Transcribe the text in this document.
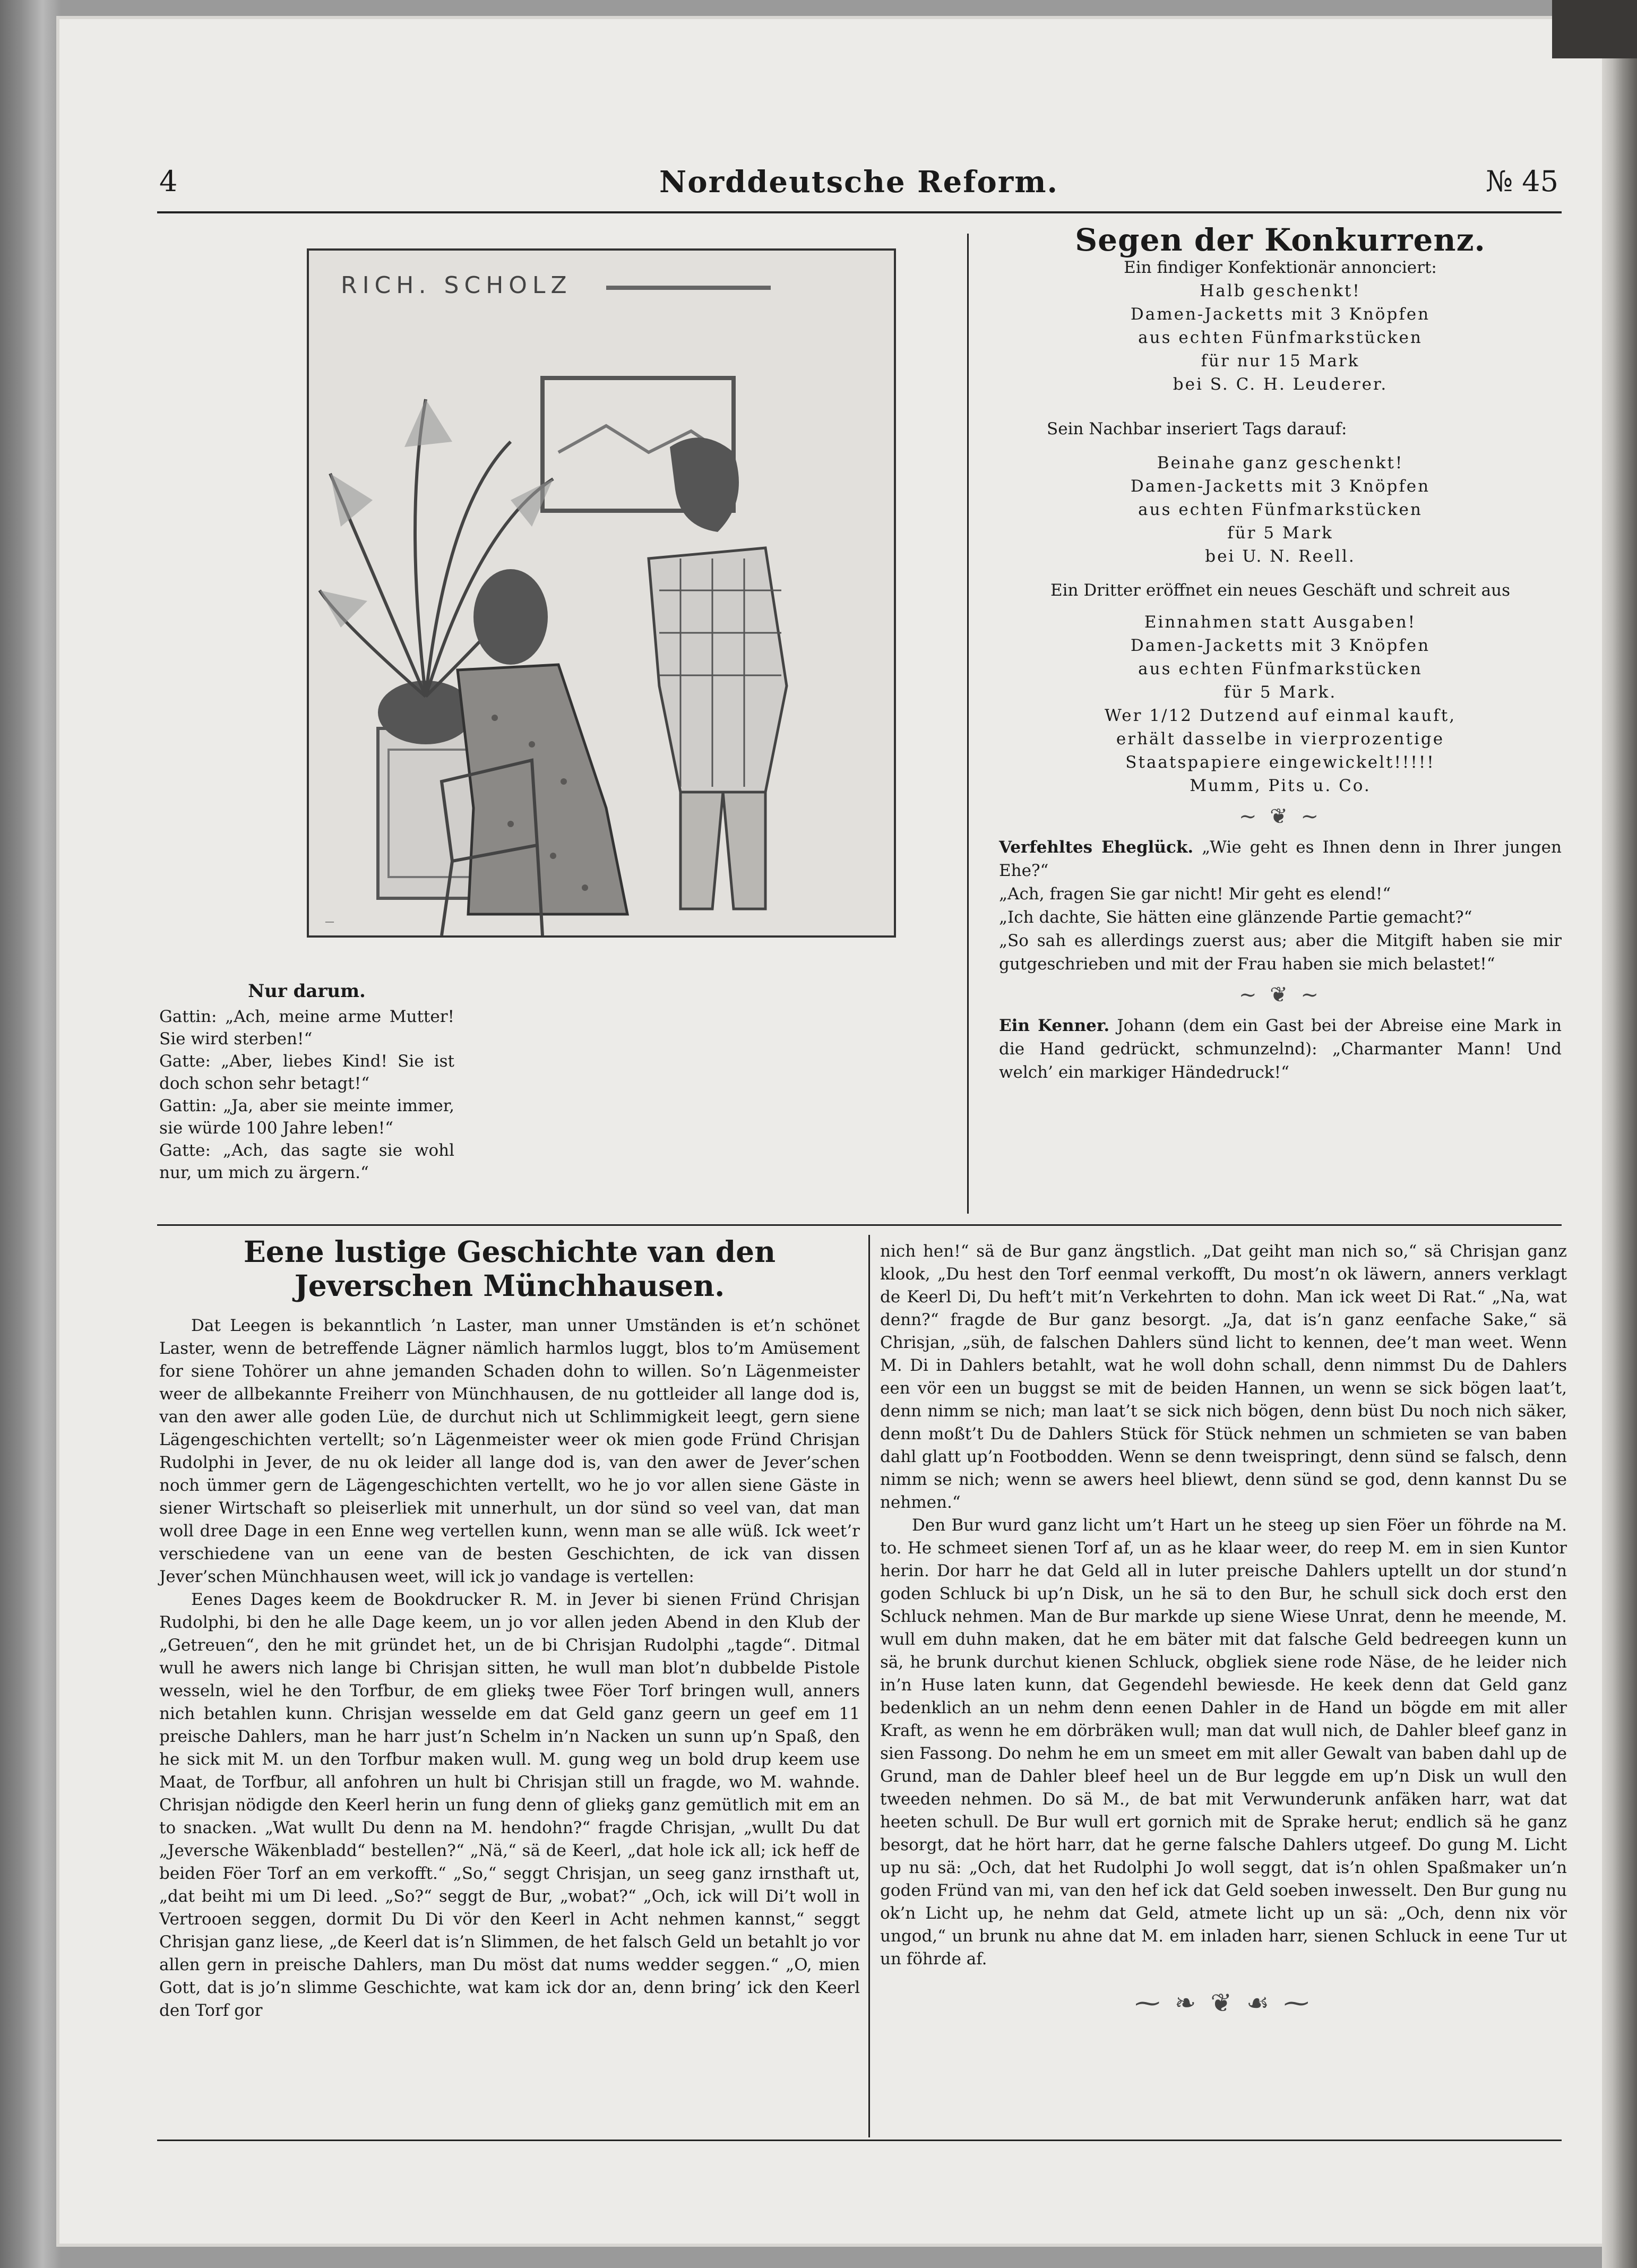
4	Norddeutsche Reform.	№ 45
RICH. SCHOLZ
—
Nur darum.

Gattin: „Ach, meine arme Mutter! Sie wird sterben!“

Gatte: „Aber, liebes Kind! Sie ist doch schon sehr betagt!“

Gattin: „Ja, aber sie meinte immer, sie würde 100 Jahre leben!“

Gatte: „Ach, das sagte sie wohl nur, um mich zu ärgern.“

Segen der Konkurrenz.
Ein findiger Konfektionär annonciert:
Halb geschenkt!
Damen-Jacketts mit 3 Knöpfen
aus echten Fünfmarkstücken
für nur 15 Mark
bei S. C. H. Leuderer.
Sein Nachbar inseriert Tags darauf:
Beinahe ganz geschenkt!
Damen-Jacketts mit 3 Knöpfen
aus echten Fünfmarkstücken
für 5 Mark
bei U. N. Reell.
Ein Dritter eröffnet ein neues Geschäft und schreit aus
Einnahmen statt Ausgaben!
Damen-Jacketts mit 3 Knöpfen
aus echten Fünfmarkstücken
für 5 Mark.
Wer 1/12 Dutzend auf einmal kauft,
erhält dasselbe in vierprozentige
Staatspapiere eingewickelt!!!!!
Mumm, Pits u. Co.
~ ❦ ~

Verfehltes Eheglück. „Wie geht es Ihnen denn in Ihrer jungen Ehe?“

„Ach, fragen Sie gar nicht! Mir geht es elend!“

„Ich dachte, Sie hätten eine glänzende Partie gemacht?“

„So sah es allerdings zuerst aus; aber die Mitgift haben sie mir gutgeschrieben und mit der Frau haben sie mich belastet!“

~ ❦ ~

Ein Kenner. Johann (dem ein Gast bei der Abreise eine Mark in die Hand gedrückt, schmunzelnd): „Charmanter Mann! Und welch’ ein markiger Händedruck!“

Eene lustige Geschichte van den Jeverschen Münchhausen.

Dat Leegen is bekanntlich ’n Laster, man unner Umständen is et’n schönet Laster, wenn de betreffende Lägner nämlich harmlos luggt, blos to’m Amüsement for siene Tohörer un ahne jemanden Schaden dohn to willen. So’n Lägenmeister weer de allbekannte Freiherr von Münchhausen, de nu gottleider all lange dod is, van den awer alle goden Lüe, de durchut nich ut Schlimmigkeit leegt, gern siene Lägengeschichten vertellt; so’n Lägenmeister weer ok mien gode Fründ Chrisjan Rudolphi in Jever, de nu ok leider all lange dod is, van den awer de Jever’schen noch ümmer gern de Lägengeschichten vertellt, wo he jo vor allen siene Gäste in siener Wirtschaft so pleiserliek mit unnerhult, un dor sünd so veel van, dat man woll dree Dage in een Enne weg vertellen kunn, wenn man se alle wüß. Ick weet’r verschiedene van un eene van de besten Geschichten, de ick van dissen Jever’schen Münchhausen weet, will ick jo vandage is vertellen:

Eenes Dages keem de Bookdrucker R. M. in Jever bi sienen Fründ Chrisjan Rudolphi, bi den he alle Dage keem, un jo vor allen jeden Abend in den Klub der „Getreuen“, den he mit gründet het, un de bi Chrisjan Rudolphi „tagde“. Ditmal wull he awers nich lange bi Chrisjan sitten, he wull man blot’n dubbelde Pistole wesseln, wiel he den Torfbur, de em gliekş twee Föer Torf bringen wull, anners nich betahlen kunn. Chrisjan wesselde em dat Geld ganz geern un geef em 11 preische Dahlers, man he harr just’n Schelm in’n Nacken un sunn up’n Spaß, den he sick mit M. un den Torfbur maken wull. M. gung weg un bold drup keem use Maat, de Torfbur, all anfohren un hult bi Chrisjan still un fragde, wo M. wahnde. Chrisjan nödigde den Keerl herin un fung denn of gliekş ganz gemütlich mit em an to snacken. „Wat wullt Du denn na M. hendohn?“ fragde Chrisjan, „wullt Du dat „Jeversche Wäkenbladd“ bestellen?“ „Nä,“ sä de Keerl, „dat hole ick all; ick heff de beiden Föer Torf an em verkofft.“ „So,“ seggt Chrisjan, un seeg ganz irnsthaft ut, „dat beiht mi um Di leed. „So?“ seggt de Bur, „wobat?“ „Och, ick will Di’t woll in Vertrooen seggen, dormit Du Di vör den Keerl in Acht nehmen kannst,“ seggt Chrisjan ganz liese, „de Keerl dat is’n Slimmen, de het falsch Geld un betahlt jo vor allen gern in preische Dahlers, man Du möst dat nums wedder seggen.“ „O, mien Gott, dat is jo’n slimme Geschichte, wat kam ick dor an, denn bring’ ick den Keerl den Torf gor

nich hen!“ sä de Bur ganz ängstlich. „Dat geiht man nich so,“ sä Chrisjan ganz klook, „Du hest den Torf eenmal verkofft, Du most’n ok läwern, anners verklagt de Keerl Di, Du heft’t mit’n Verkehrten to dohn. Man ick weet Di Rat.“ „Na, wat denn?“ fragde de Bur ganz besorgt. „Ja, dat is’n ganz eenfache Sake,“ sä Chrisjan, „süh, de falschen Dahlers sünd licht to kennen, dee’t man weet. Wenn M. Di in Dahlers betahlt, wat he woll dohn schall, denn nimmst Du de Dahlers een vör een un buggst se mit de beiden Hannen, un wenn se sick bögen laat’t, denn nimm se nich; man laat’t se sick nich bögen, denn büst Du noch nich säker, denn moßt’t Du de Dahlers Stück för Stück nehmen un schmieten se van baben dahl glatt up’n Footbodden. Wenn se denn tweispringt, denn sünd se falsch, denn nimm se nich; wenn se awers heel bliewt, denn sünd se god, denn kannst Du se nehmen.“

Den Bur wurd ganz licht um’t Hart un he steeg up sien Föer un föhrde na M. to. He schmeet sienen Torf af, un as he klaar weer, do reep M. em in sien Kuntor herin. Dor harr he dat Geld all in luter preische Dahlers uptellt un dor stund’n goden Schluck bi up’n Disk, un he sä to den Bur, he schull sick doch erst den Schluck nehmen. Man de Bur markde up siene Wiese Unrat, denn he meende, M. wull em duhn maken, dat he em bäter mit dat falsche Geld bedreegen kunn un sä, he brunk durchut kienen Schluck, obgliek siene rode Näse, de he leider nich in’n Huse laten kunn, dat Gegendehl bewiesde. He keek denn dat Geld ganz bedenklich an un nehm denn eenen Dahler in de Hand un bögde em mit aller Kraft, as wenn he em dörbräken wull; man dat wull nich, de Dahler bleef ganz in sien Fassong. Do nehm he em un smeet em mit aller Gewalt van baben dahl up de Grund, man de Dahler bleef heel un de Bur leggde em up’n Disk un wull den tweeden nehmen. Do sä M., de bat mit Verwunderunk anfäken harr, wat dat heeten schull. De Bur wull ert gornich mit de Sprake herut; endlich sä he ganz besorgt, dat he hört harr, dat he gerne falsche Dahlers utgeef. Do gung M. Licht up nu sä: „Och, dat het Rudolphi Jo woll seggt, dat is’n ohlen Spaßmaker un’n goden Fründ van mi, van den hef ick dat Geld soeben inwesselt. Den Bur gung nu ok’n Licht up, he nehm dat Geld, atmete licht up un sä: „Och, denn nix vör ungod,“ un brunk nu ahne dat M. em inladen harr, sienen Schluck in eene Tur ut un föhrde af.

⁓ ❧ ❦ ☙ ⁓
